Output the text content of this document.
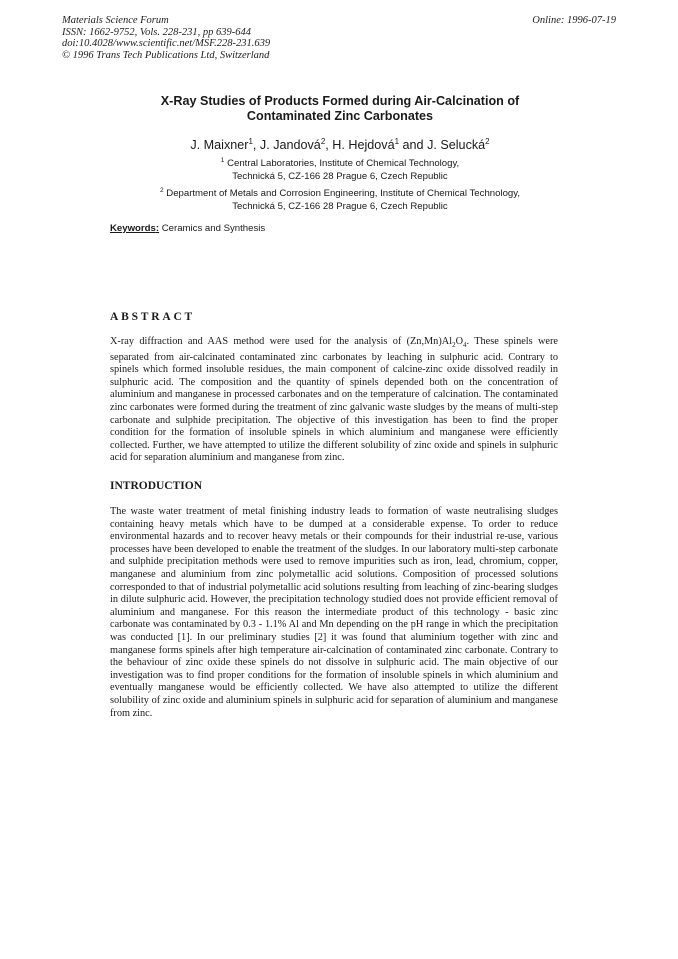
Materials Science Forum
ISSN: 1662-9752, Vols. 228-231, pp 639-644
doi:10.4028/www.scientific.net/MSF.228-231.639
© 1996 Trans Tech Publications Ltd, Switzerland
Online: 1996-07-19
X-Ray Studies of Products Formed during Air-Calcination of
Contaminated Zinc Carbonates
J. Maixner$^1$, J. Jandová$^2$, H. Hejdová$^1$ and J. Selucká$^2$
$^1$ Central Laboratories, Institute of Chemical Technology,
Technická 5, CZ-166 28 Prague 6, Czech Republic
$^2$ Department of Metals and Corrosion Engineering, Institute of Chemical Technology,
Technická 5, CZ-166 28 Prague 6, Czech Republic
Keywords: Ceramics and Synthesis
ABSTRACT
X-ray diffraction and AAS method were used for the analysis of $(Zn,Mn)Al_2O_4$. These spinels were separated from air-calcinated contaminated zinc carbonates by leaching in sulphuric acid. Contrary to spinels which formed insoluble residues, the main component of calcine-zinc oxide dissolved readily in sulphuric acid. The composition and the quantity of spinels depended both on the concentration of aluminium and manganese in processed carbonates and on the temperature of calcination. The contaminated zinc carbonates were formed during the treatment of zinc galvanic waste sludges by the means of multi-step carbonate and sulphide precipitation. The objective of this investigation has been to find the proper condition for the formation of insoluble spinels in which aluminium and manganese were efficiently collected. Further, we have attempted to utilize the different solubility of zinc oxide and spinels in sulphuric acid for separation aluminium and manganese from zinc.
INTRODUCTION
The waste water treatment of metal finishing industry leads to formation of waste neutralising sludges containing heavy metals which have to be dumped at a considerable expense. To order to reduce environmental hazards and to recover heavy metals or their compounds for their industrial re-use, various processes have been developed to enable the treatment of the sludges. In our laboratory multi-step carbonate and sulphide precipitation methods were used to remove impurities such as iron, lead, chromium, copper, manganese and aluminium from zinc polymetallic acid solutions. Composition of processed solutions corresponded to that of industrial polymetallic acid solutions resulting from leaching of zinc-bearing sludges in dilute sulphuric acid. However, the precipitation technology studied does not provide efficient removal of aluminium and manganese. For this reason the intermediate product of this technology - basic zinc carbonate was contaminated by 0.3 - 1.1% Al and Mn depending on the pH range in which the precipitation was conducted [1]. In our preliminary studies [2] it was found that aluminium together with zinc and manganese forms spinels after high temperature air-calcination of contaminated zinc carbonate. Contrary to the behaviour of zinc oxide these spinels do not dissolve in sulphuric acid. The main objective of our investigation was to find proper conditions for the formation of insoluble spinels in which aluminium and eventually manganese would be efficiently collected. We have also attempted to utilize the different solubility of zinc oxide and aluminium spinels in sulphuric acid for separation of aluminium and manganese from zinc.
